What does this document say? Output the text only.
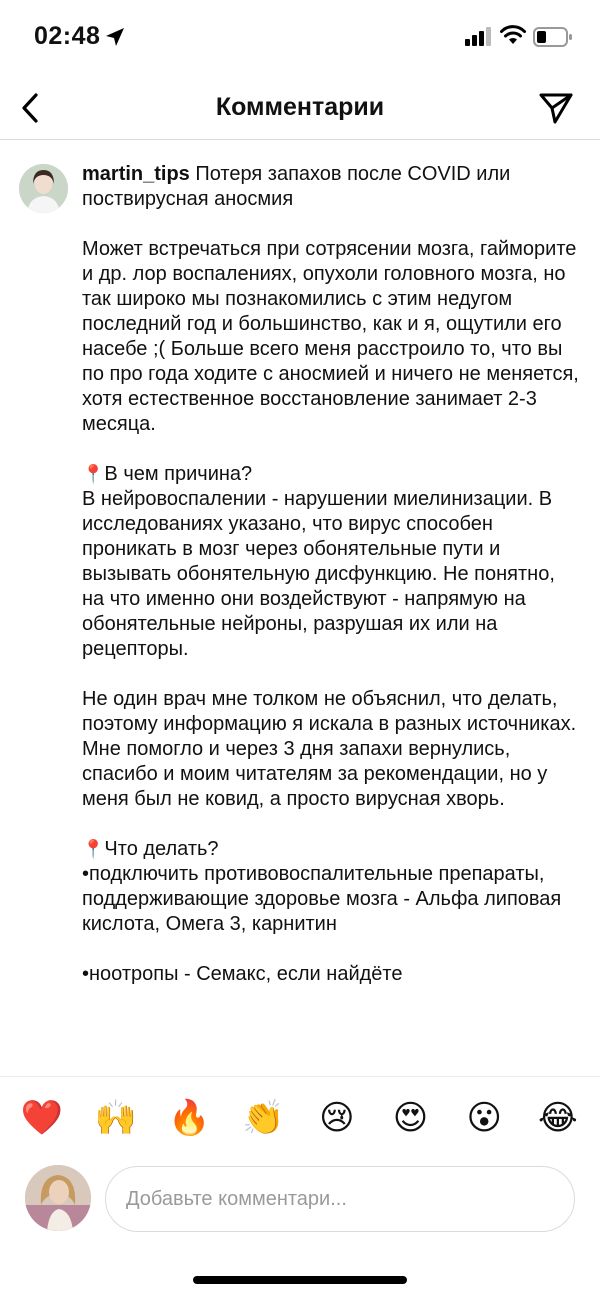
02:48
Комментарии
martin_tips Потеря запахов после COVID или поствирусная аносмия
Может встречаться при сотрясении мозга, гайморите и др. лор воспалениях, опухоли головного мозга, но так широко мы познакомились с этим недугом последний год и большинство, как и я, ощутили его насебе ;( Больше всего меня расстроило то, что вы по про года ходите с аносмией и ничего не меняется, хотя естественное восстановление занимает 2-3 месяца.
📍В чем причина?
В нейровоспалении - нарушении миелинизации. В исследованиях указано, что вирус способен проникать в мозг через обонятельные пути и вызывать обонятельную дисфункцию. Не понятно, на что именно они воздействуют - напрямую на обонятельные нейроны, разрушая их или на рецепторы.
Не один врач мне толком не объяснил, что делать, поэтому информацию я искала в разных источниках. Мне помогло и через 3 дня запахи вернулись, спасибо и моим читателям за рекомендации, но у меня был не ковид, а просто вирусная хворь.
📍Что делать?
•подключить противовоспалительные препараты, поддерживающие здоровье мозга - Альфа липовая кислота, Омега 3, карнитин
•ноотропы - Семакс, если найдёте
❤️ 🙌 🔥 👏 😢 😍 😮 😂
Добавьте комментари...
